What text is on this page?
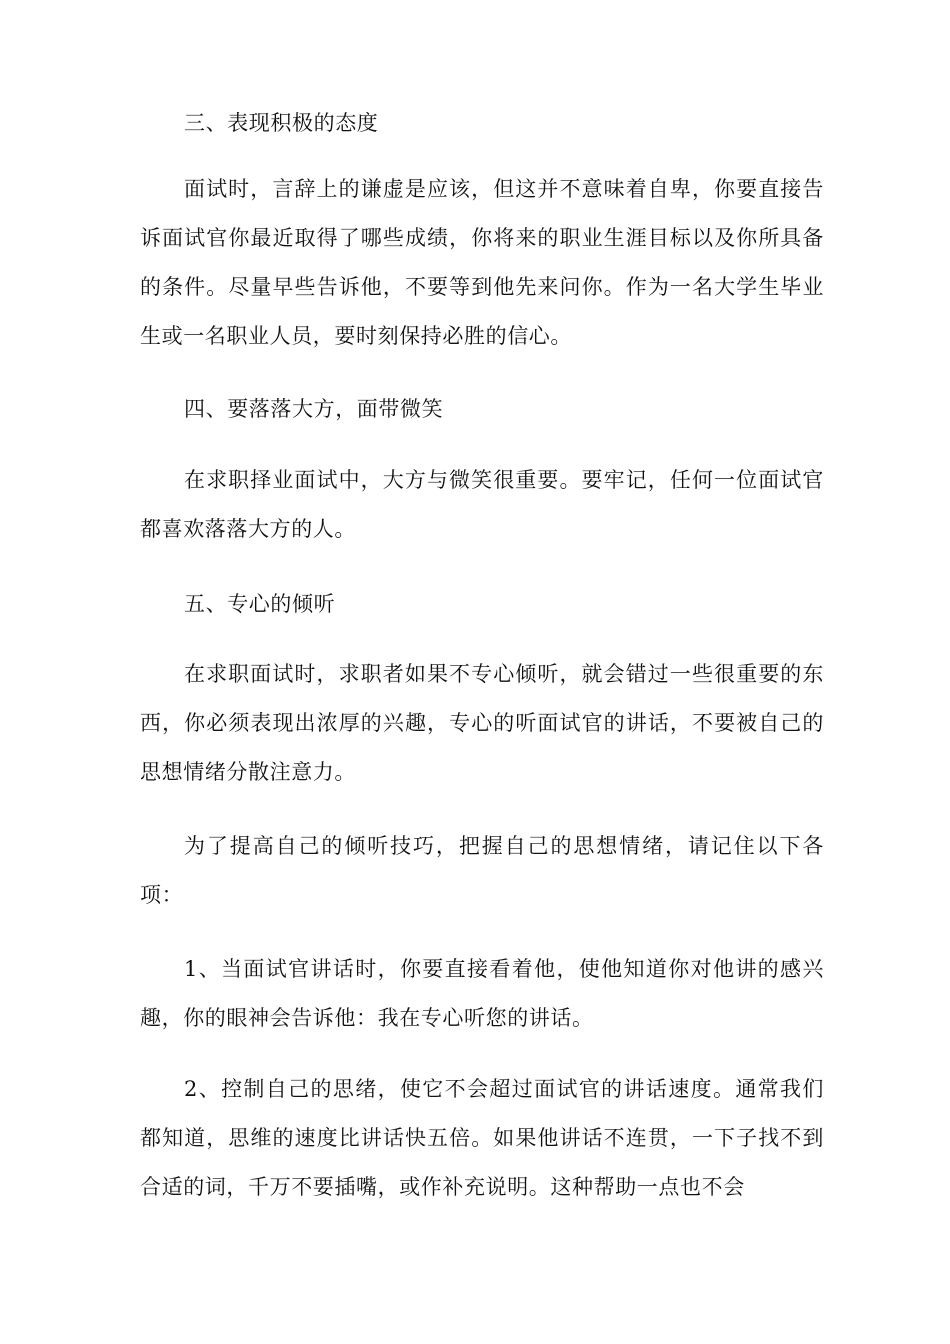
三、表现积极的态度

面试时，言辞上的谦虚是应该，但这并不意味着自卑，你要直接告诉面试官你最近取得了哪些成绩，你将来的职业生涯目标以及你所具备的条件。尽量早些告诉他，不要等到他先来问你。作为一名大学生毕业生或一名职业人员，要时刻保持必胜的信心。

四、要落落大方，面带微笑

在求职择业面试中，大方与微笑很重要。要牢记，任何一位面试官都喜欢落落大方的人。

五、专心的倾听

在求职面试时，求职者如果不专心倾听，就会错过一些很重要的东西，你必须表现出浓厚的兴趣，专心的听面试官的讲话，不要被自己的思想情绪分散注意力。

为了提高自己的倾听技巧，把握自己的思想情绪，请记住以下各项：

1、当面试官讲话时，你要直接看着他，使他知道你对他讲的感兴趣，你的眼神会告诉他：我在专心听您的讲话。

2、控制自己的思绪，使它不会超过面试官的讲话速度。通常我们都知道，思维的速度比讲话快五倍。如果他讲话不连贯，一下子找不到合适的词，千万不要插嘴，或作补充说明。这种帮助一点也不会
